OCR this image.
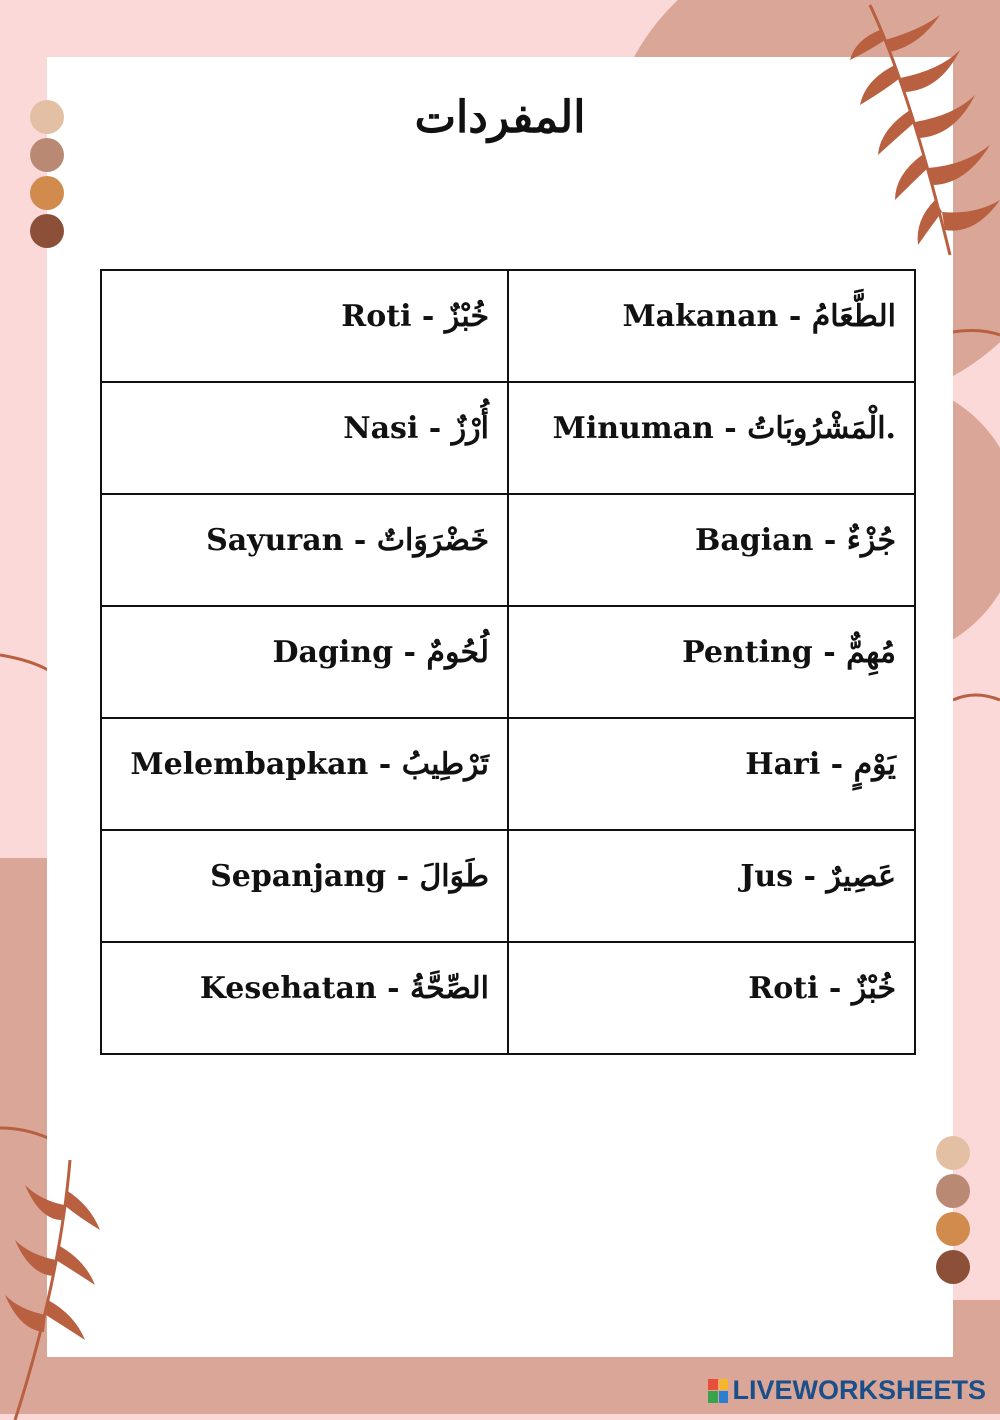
المفردات
Roti - خُبْزٌ	Makanan - الطَّعَامُ
Nasi - أُرْزٌ	Minuman - الْمَشْرُوبَاتُ.
Sayuran - خَضْرَوَاتٌ	Bagian - جُزْءٌ
Daging - لُحُومٌ	Penting - مُهِمٌّ
Melembapkan - تَرْطِيبُ	Hari - يَوْمٍ
Sepanjang - طَوَالَ	Jus - عَصِيرٌ
Kesehatan - الصِّحَّةُ	Roti - خُبْزٌ
LIVEWORKSHEETS
